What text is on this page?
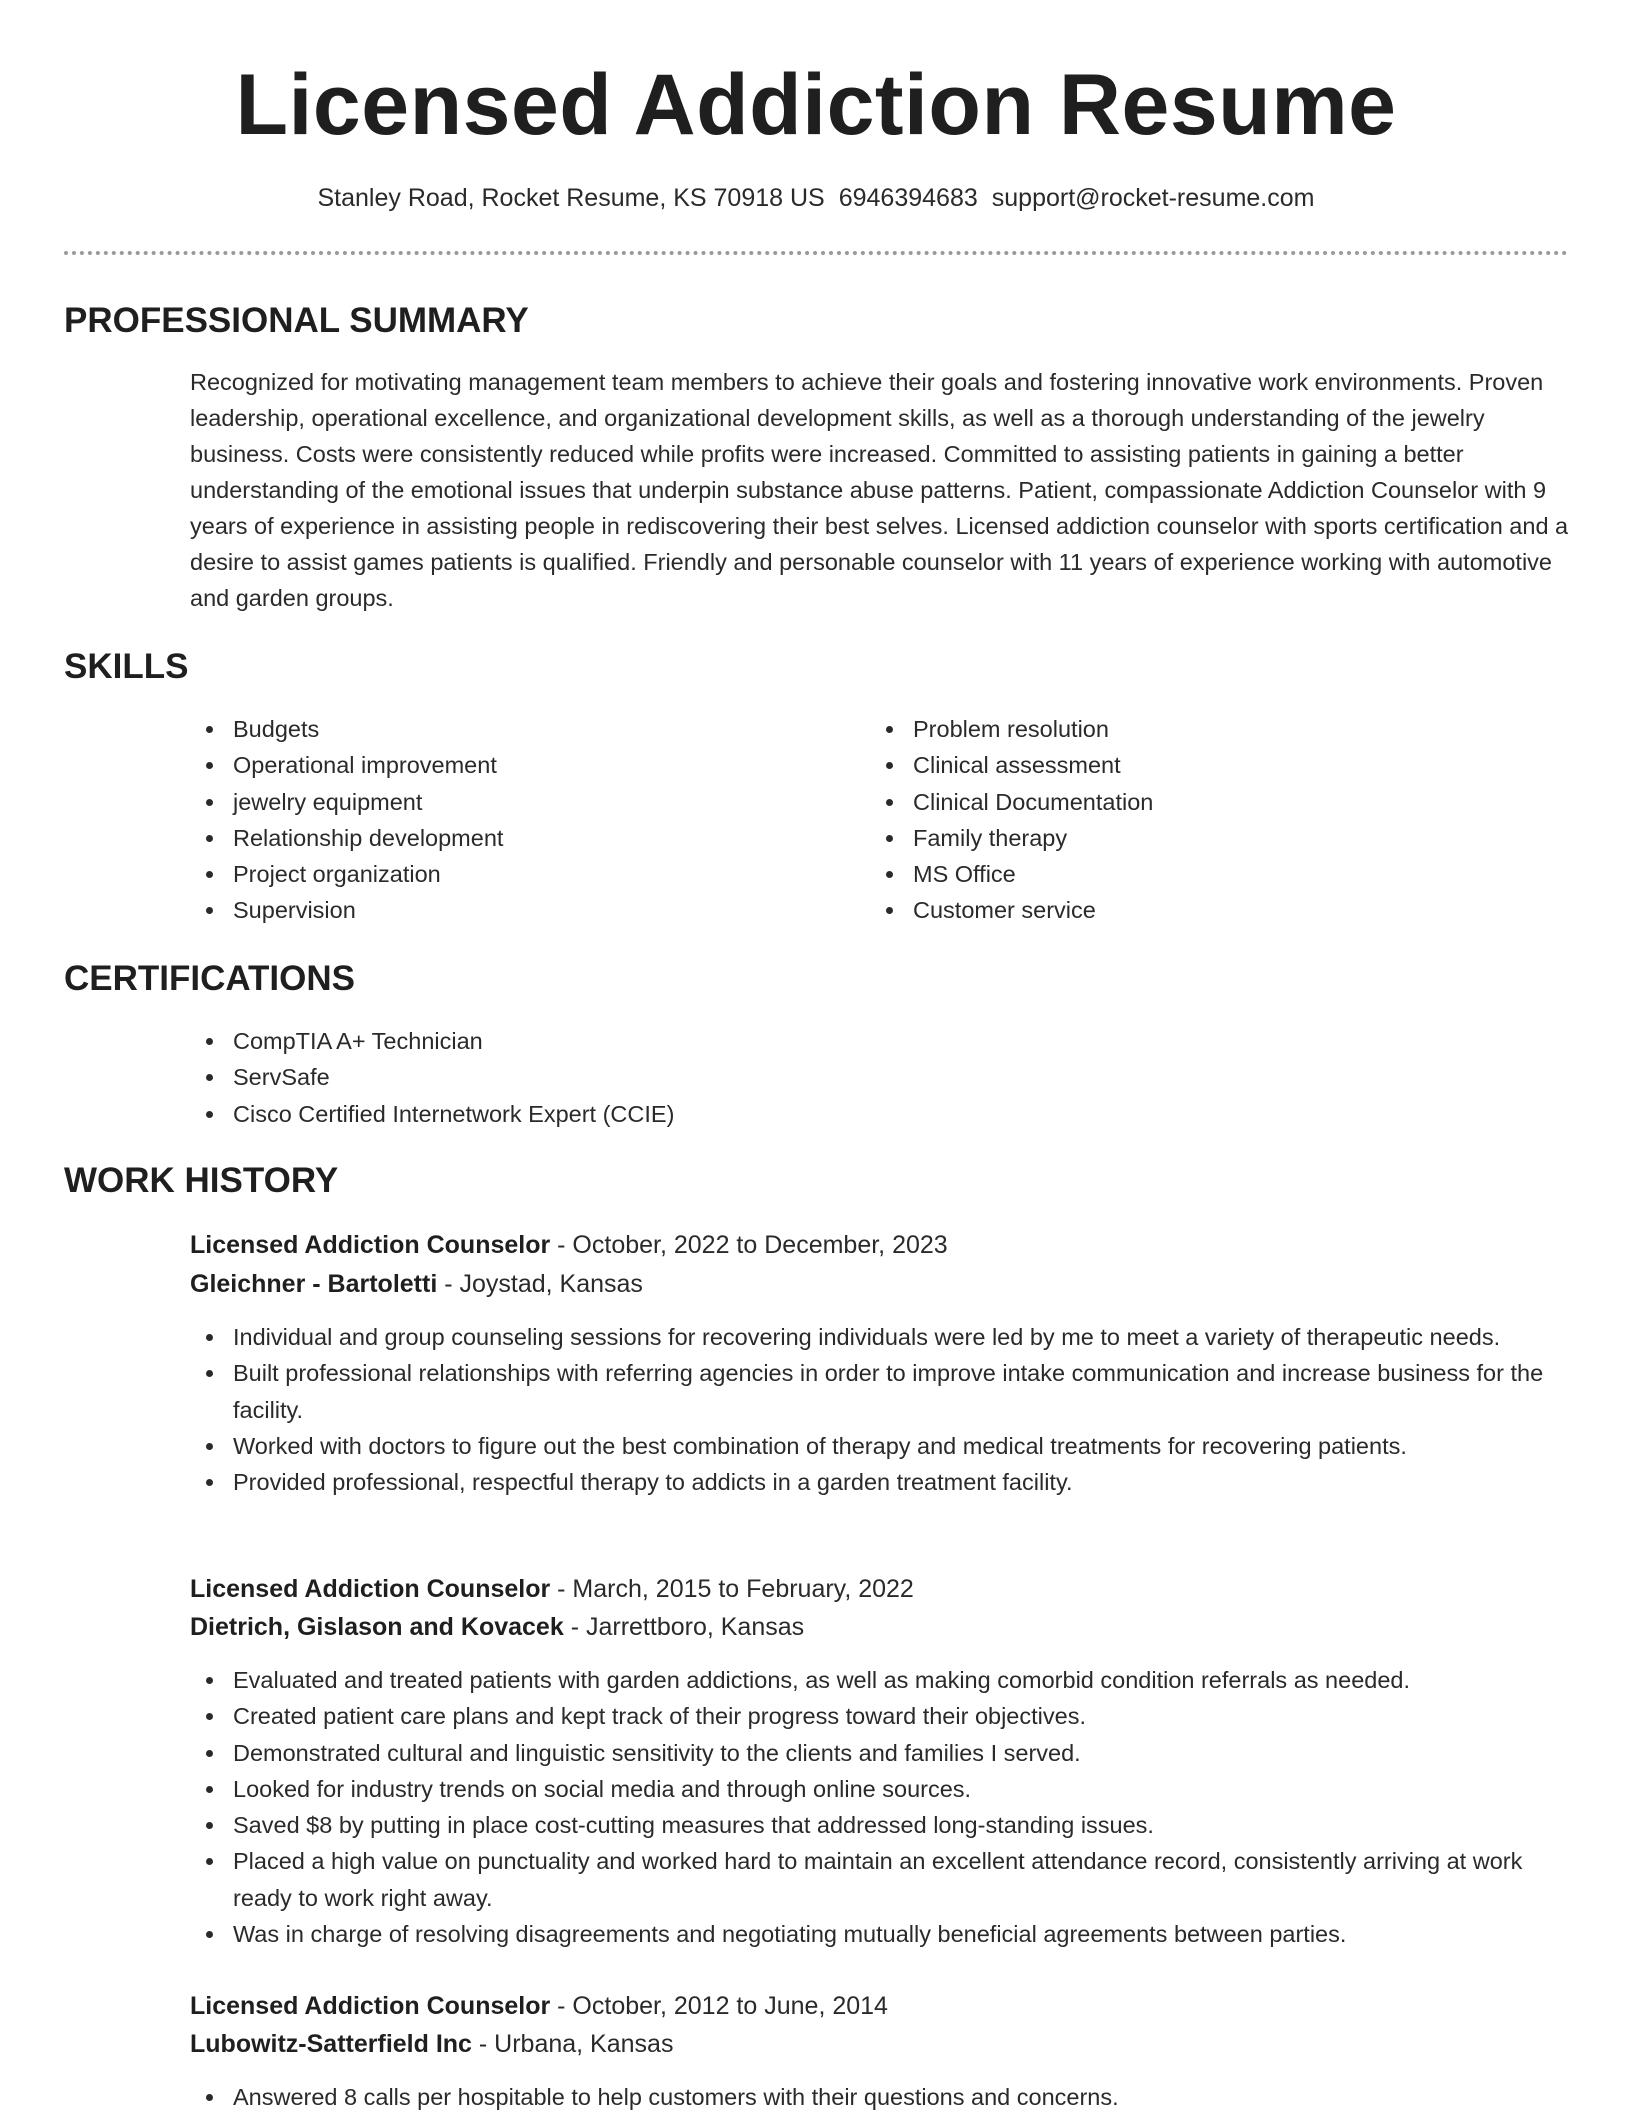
Licensed Addiction Resume
Stanley Road, Rocket Resume, KS 70918 US 6946394683 support@rocket-resume.com
PROFESSIONAL SUMMARY

Recognized for motivating management team members to achieve their goals and fostering innovative work environments. Proven leadership, operational excellence, and organizational development skills, as well as a thorough understanding of the jewelry business. Costs were consistently reduced while profits were increased. Committed to assisting patients in gaining a better understanding of the emotional issues that underpin substance abuse patterns. Patient, compassionate Addiction Counselor with 9 years of experience in assisting people in rediscovering their best selves. Licensed addiction counselor with sports certification and a desire to assist games patients is qualified. Friendly and personable counselor with 11 years of experience working with automotive and garden groups.

SKILLS
Budgets
Operational improvement
jewelry equipment
Relationship development
Project organization
Supervision
Problem resolution
Clinical assessment
Clinical Documentation
Family therapy
MS Office
Customer service
CERTIFICATIONS
CompTIA A+ Technician
ServSafe
Cisco Certified Internetwork Expert (CCIE)
WORK HISTORY
Licensed Addiction Counselor - October, 2022 to December, 2023
Gleichner - Bartoletti - Joystad, Kansas
Individual and group counseling sessions for recovering individuals were led by me to meet a variety of therapeutic needs.
Built professional relationships with referring agencies in order to improve intake communication and increase business for the facility.
Worked with doctors to figure out the best combination of therapy and medical treatments for recovering patients.
Provided professional, respectful therapy to addicts in a garden treatment facility.
Licensed Addiction Counselor - March, 2015 to February, 2022
Dietrich, Gislason and Kovacek - Jarrettboro, Kansas
Evaluated and treated patients with garden addictions, as well as making comorbid condition referrals as needed.
Created patient care plans and kept track of their progress toward their objectives.
Demonstrated cultural and linguistic sensitivity to the clients and families I served.
Looked for industry trends on social media and through online sources.
Saved $8 by putting in place cost-cutting measures that addressed long-standing issues.
Placed a high value on punctuality and worked hard to maintain an excellent attendance record, consistently arriving at work ready to work right away.
Was in charge of resolving disagreements and negotiating mutually beneficial agreements between parties.
Licensed Addiction Counselor - October, 2012 to June, 2014
Lubowitz-Satterfield Inc - Urbana, Kansas
Answered 8 calls per hospitable to help customers with their questions and concerns.
